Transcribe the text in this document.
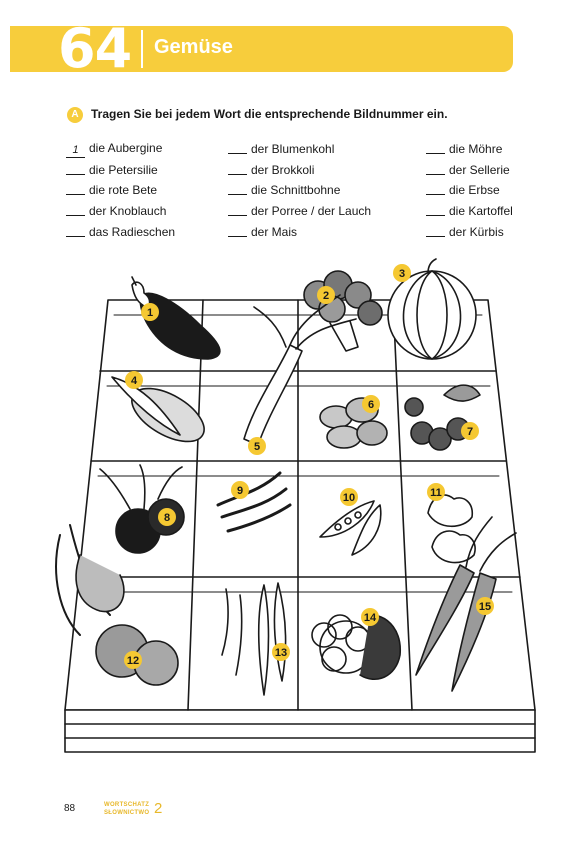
64 Gemüse
A	Tragen Sie bei jedem Wort die entsprechende Bildnummer ein.
1 die Aubergine
die Petersilie
die rote Bete
der Knoblauch
das Radieschen
der Blumenkohl
der Brokkoli
die Schnittbohne
der Porree / der Lauch
der Mais
die Möhre
der Sellerie
die Erbse
die Kartoffel
der Kürbis
1
2
3
4
5
6
7
8
9
10	11
12
13
14
15
88	WORTSCHATZ
SŁOWNICTWO 2
